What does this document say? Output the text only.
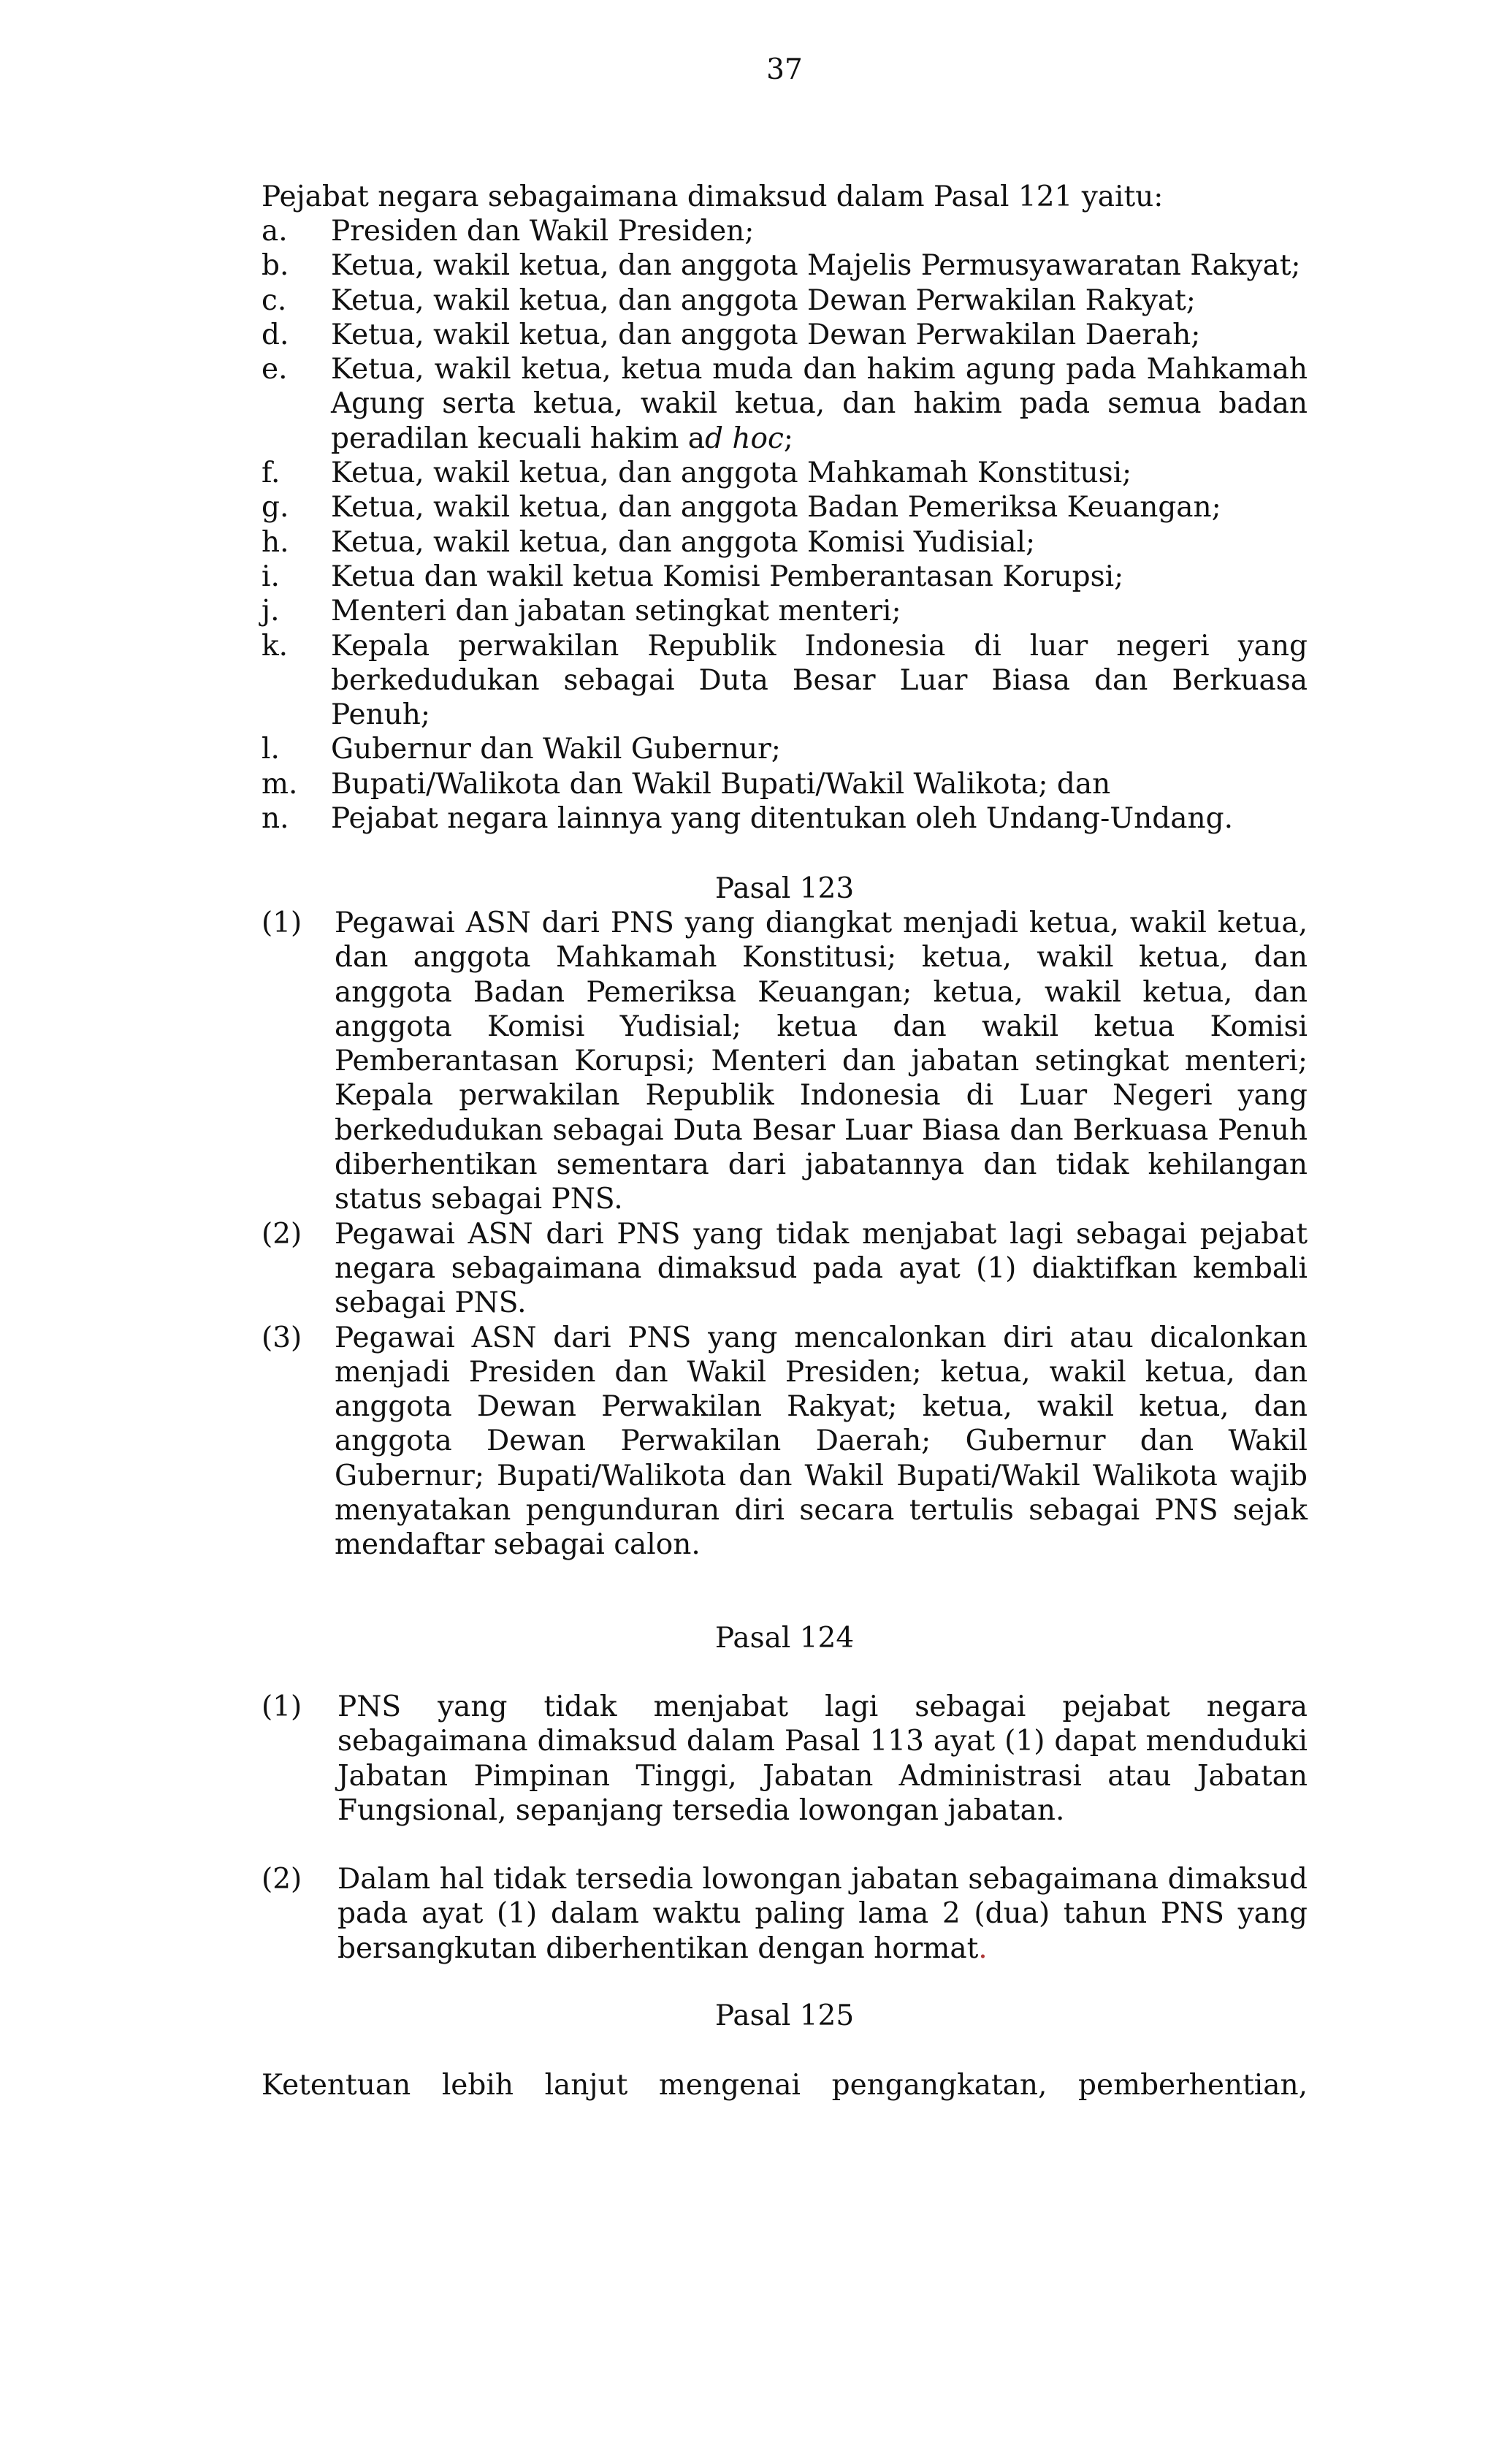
37
Pejabat negara sebagaimana dimaksud dalam Pasal 121 yaitu:
a. Presiden dan Wakil Presiden;
b. Ketua, wakil ketua, dan anggota Majelis Permusyawaratan Rakyat;
c. Ketua, wakil ketua, dan anggota Dewan Perwakilan Rakyat;
d. Ketua, wakil ketua, dan anggota Dewan Perwakilan Daerah;
e. Ketua, wakil ketua, ketua muda dan hakim agung pada Mahkamah Agung serta ketua, wakil ketua, dan hakim pada semua badan peradilan kecuali hakim ad hoc;
f. Ketua, wakil ketua, dan anggota Mahkamah Konstitusi;
g. Ketua, wakil ketua, dan anggota Badan Pemeriksa Keuangan;
h. Ketua, wakil ketua, dan anggota Komisi Yudisial;
i. Ketua dan wakil ketua Komisi Pemberantasan Korupsi;
j. Menteri dan jabatan setingkat menteri;
k. Kepala perwakilan Republik Indonesia di luar negeri yang berkedudukan sebagai Duta Besar Luar Biasa dan Berkuasa Penuh;
l. Gubernur dan Wakil Gubernur;
m. Bupati/Walikota dan Wakil Bupati/Wakil Walikota; dan
n. Pejabat negara lainnya yang ditentukan oleh Undang-Undang.
Pasal 123
(1) Pegawai ASN dari PNS yang diangkat menjadi ketua, wakil ketua, dan anggota Mahkamah Konstitusi; ketua, wakil ketua, dan anggota Badan Pemeriksa Keuangan; ketua, wakil ketua, dan anggota Komisi Yudisial; ketua dan wakil ketua Komisi Pemberantasan Korupsi; Menteri dan jabatan setingkat menteri; Kepala perwakilan Republik Indonesia di Luar Negeri yang berkedudukan sebagai Duta Besar Luar Biasa dan Berkuasa Penuh diberhentikan sementara dari jabatannya dan tidak kehilangan status sebagai PNS.
(2) Pegawai ASN dari PNS yang tidak menjabat lagi sebagai pejabat negara sebagaimana dimaksud pada ayat (1) diaktifkan kembali sebagai PNS.
(3) Pegawai ASN dari PNS yang mencalonkan diri atau dicalonkan menjadi Presiden dan Wakil Presiden; ketua, wakil ketua, dan anggota Dewan Perwakilan Rakyat; ketua, wakil ketua, dan anggota Dewan Perwakilan Daerah; Gubernur dan Wakil Gubernur; Bupati/Walikota dan Wakil Bupati/Wakil Walikota wajib menyatakan pengunduran diri secara tertulis sebagai PNS sejak mendaftar sebagai calon.
Pasal 124
(1) PNS yang tidak menjabat lagi sebagai pejabat negara sebagaimana dimaksud dalam Pasal 113 ayat (1) dapat menduduki Jabatan Pimpinan Tinggi, Jabatan Administrasi atau Jabatan Fungsional, sepanjang tersedia lowongan jabatan.
(2) Dalam hal tidak tersedia lowongan jabatan sebagaimana dimaksud pada ayat (1) dalam waktu paling lama 2 (dua) tahun PNS yang bersangkutan diberhentikan dengan hormat.
Pasal 125
Ketentuan lebih lanjut mengenai pengangkatan, pemberhentian,
